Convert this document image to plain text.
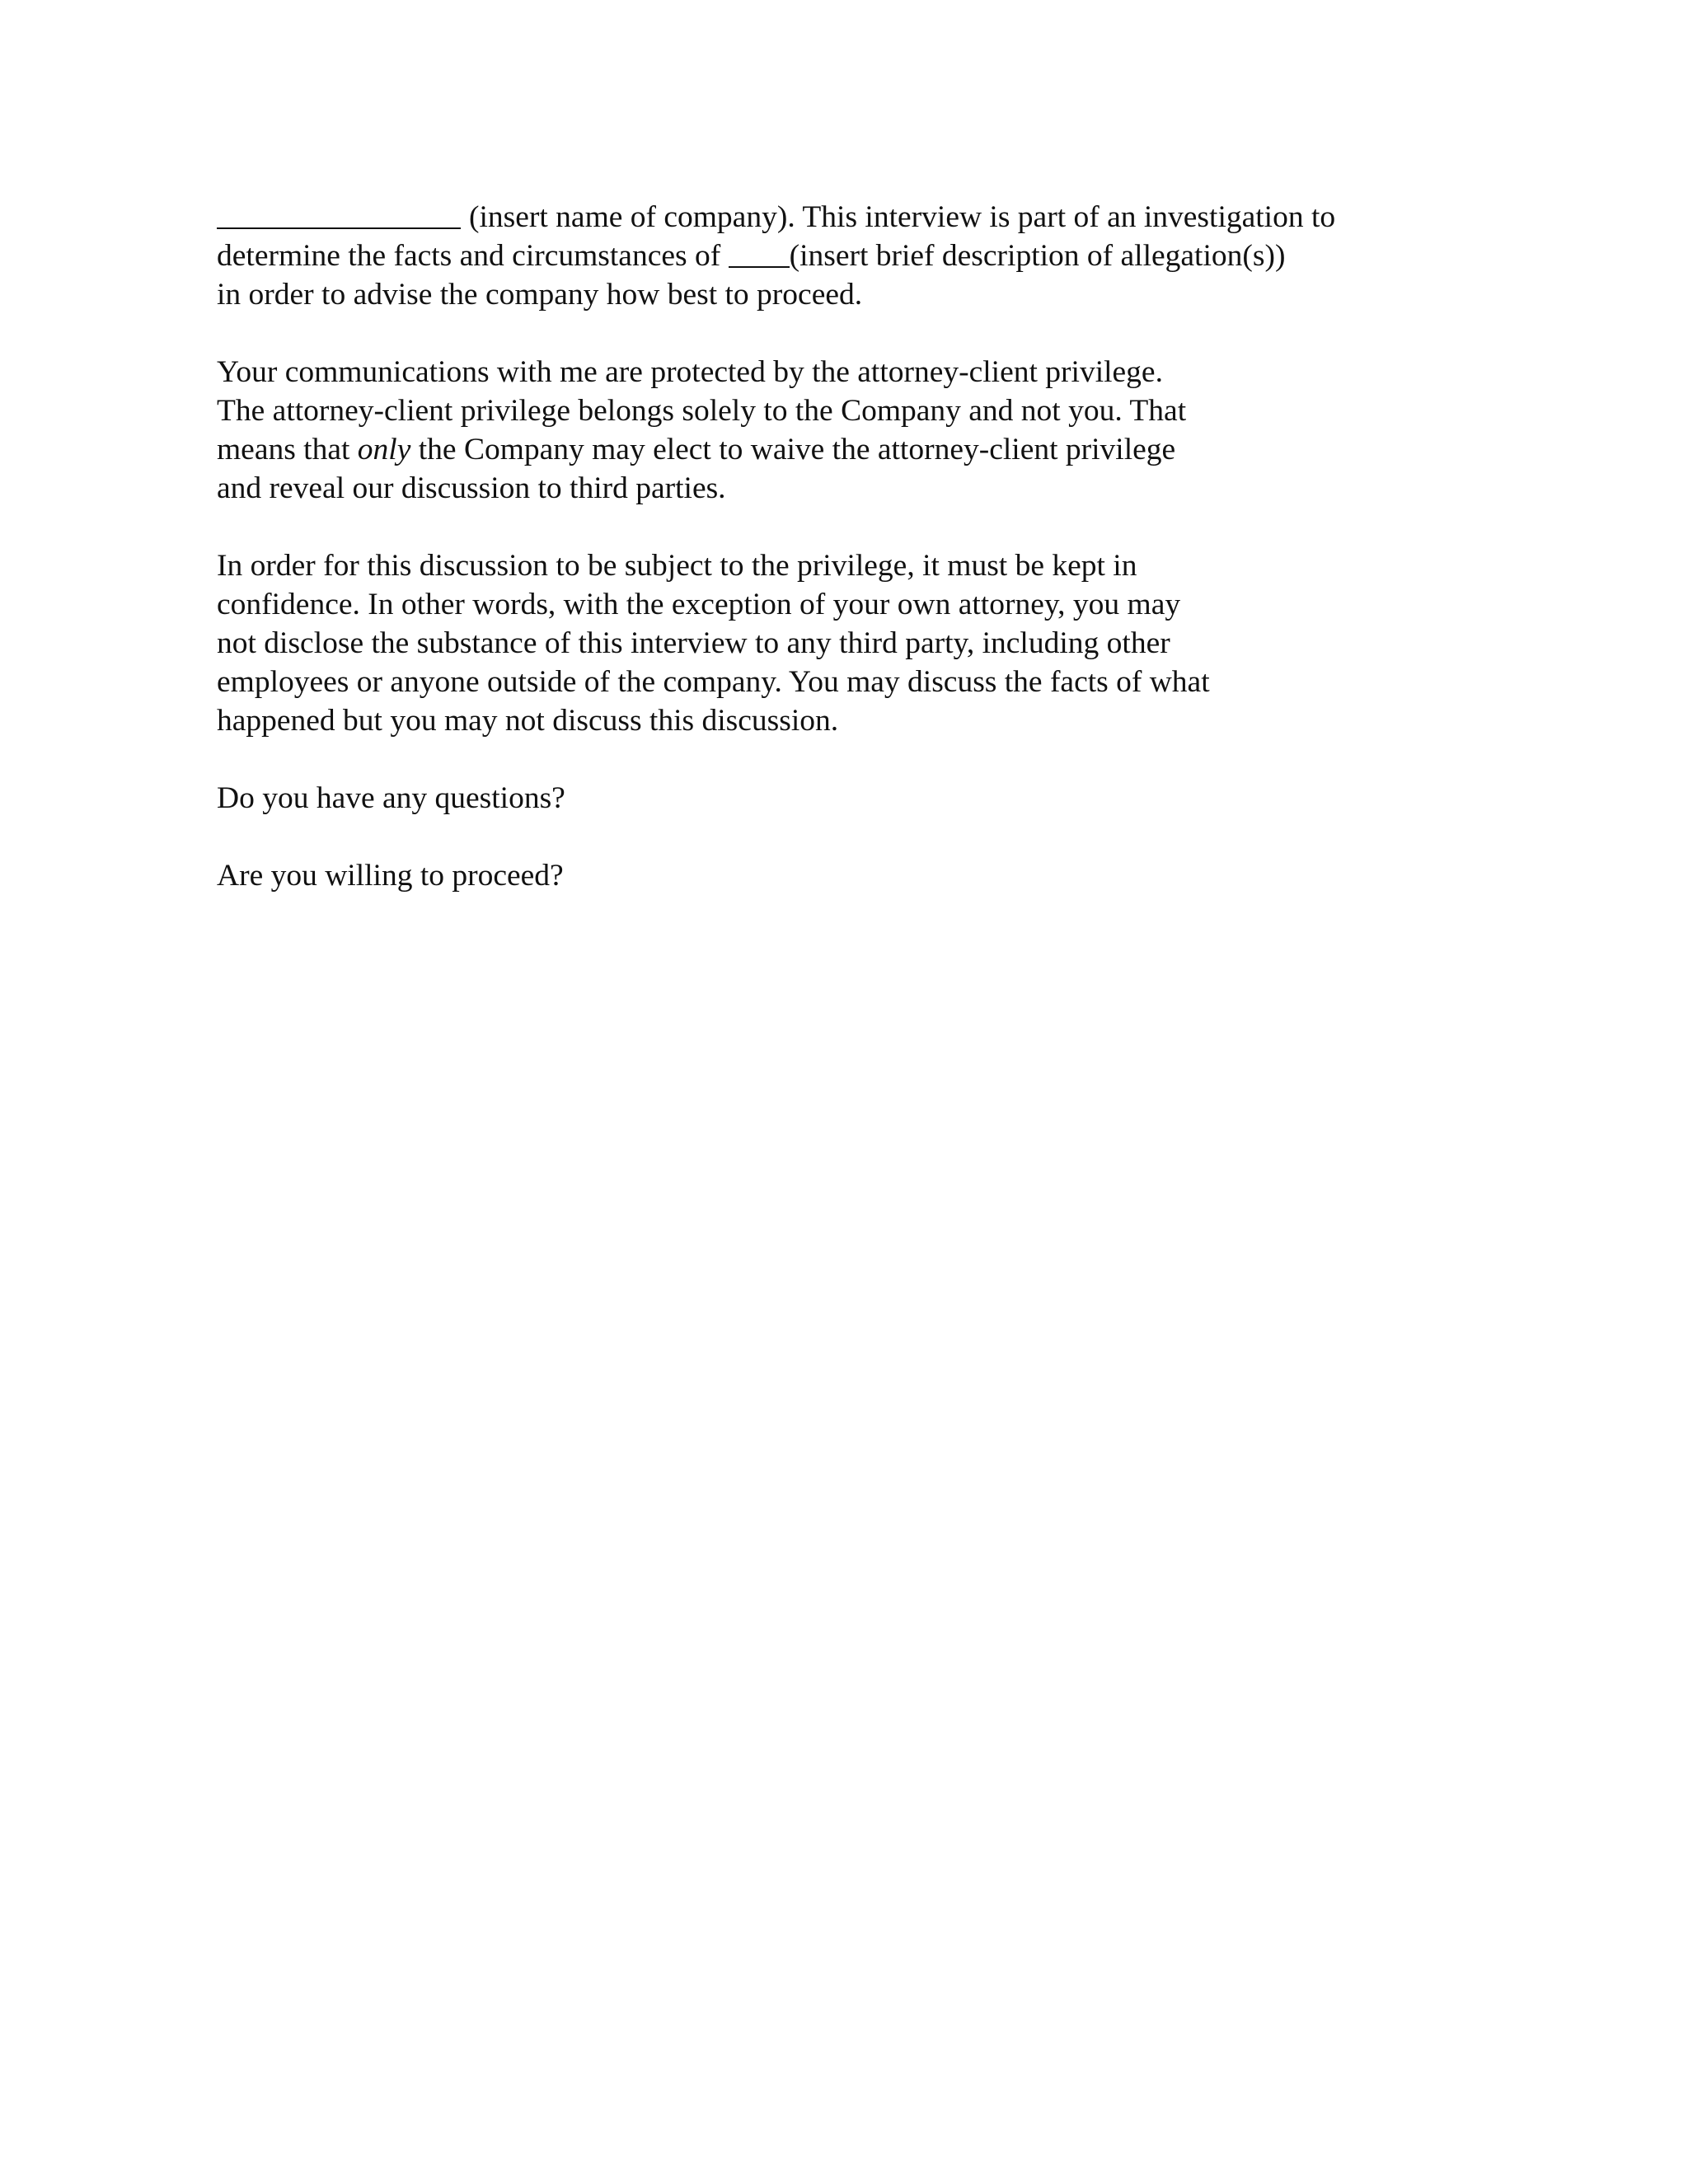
(insert name of company). This interview is part of an investigation to
determine the facts and circumstances of (insert brief description of allegation(s))
in order to advise the company how best to proceed.

Your communications with me are protected by the attorney-client privilege.
The attorney-client privilege belongs solely to the Company and not you. That
means that only the Company may elect to waive the attorney-client privilege
and reveal our discussion to third parties.

In order for this discussion to be subject to the privilege, it must be kept in
confidence. In other words, with the exception of your own attorney, you may
not disclose the substance of this interview to any third party, including other
employees or anyone outside of the company. You may discuss the facts of what
happened but you may not discuss this discussion.

Do you have any questions?

Are you willing to proceed?
